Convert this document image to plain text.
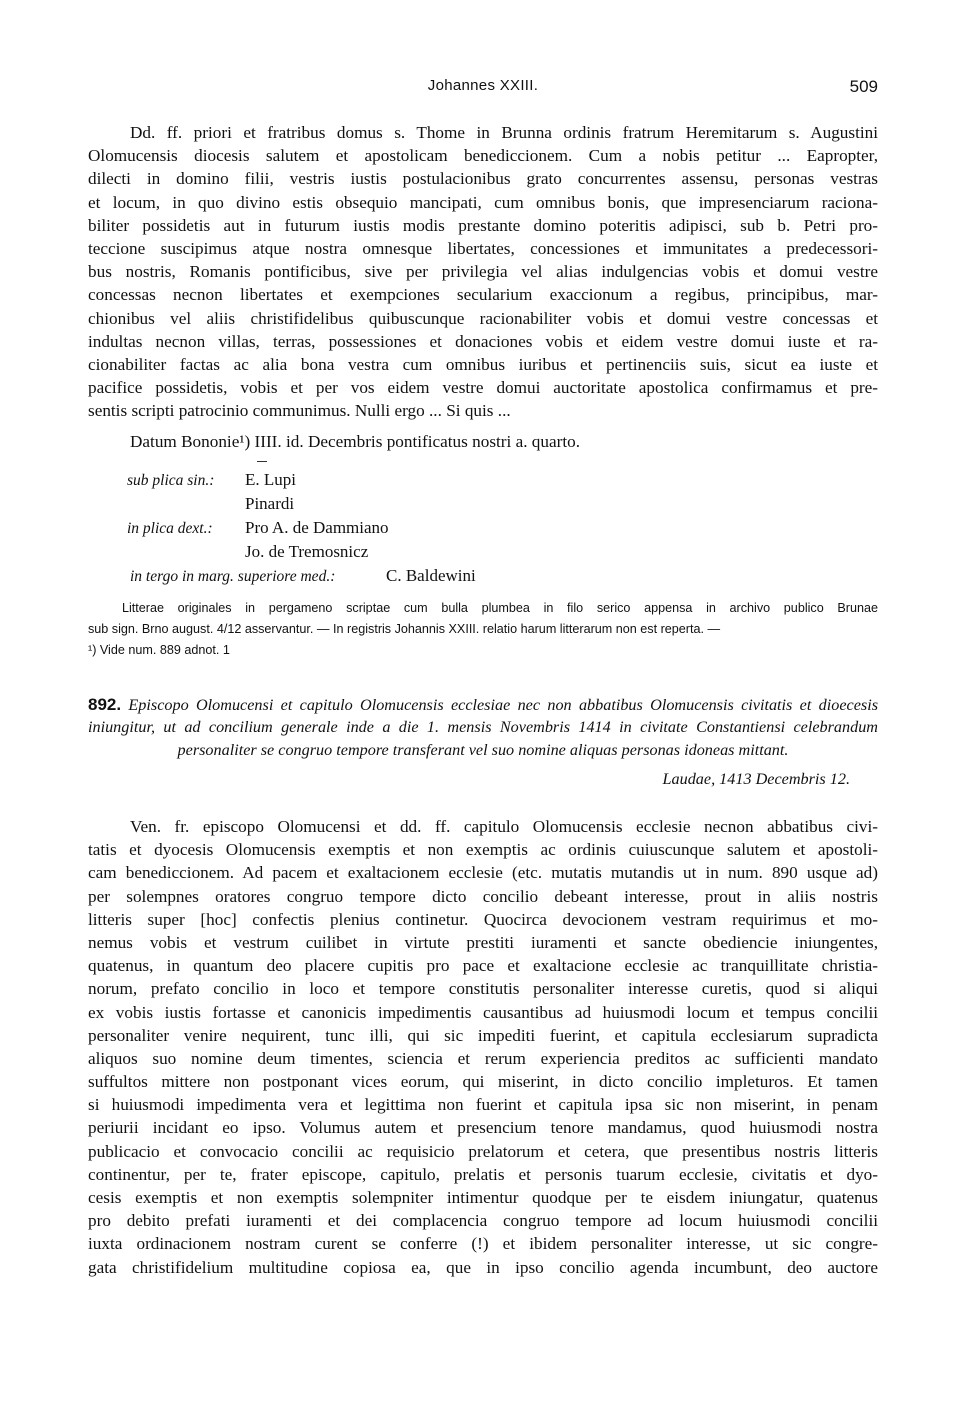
Johannes XXIII.	509
Dd. ff. priori et fratribus domus s. Thome in Brunna ordinis fratrum Heremitarum s. Augustini
Olomucensis diocesis salutem et apostolicam benediccionem. Cum a nobis petitur ... Eapropter,
dilecti in domino filii, vestris iustis postulacionibus grato concurrentes assensu, personas vestras
et locum, in quo divino estis obsequio mancipati, cum omnibus bonis, que impresenciarum raciona-
biliter possidetis aut in futurum iustis modis prestante domino poteritis adipisci, sub b. Petri pro-
teccione suscipimus atque nostra omnesque libertates, concessiones et immunitates a predecessori-
bus nostris, Romanis pontificibus, sive per privilegia vel alias indulgencias vobis et domui vestre
concessas necnon libertates et exempciones secularium exaccionum a regibus, principibus, mar-
chionibus vel aliis christifidelibus quibuscunque racionabiliter vobis et domui vestre concessas et
indultas necnon villas, terras, possessiones et donaciones vobis et eidem vestre domui iuste et ra-
cionabiliter factas ac alia bona vestra cum omnibus iuribus et pertinenciis suis, sicut ea iuste et
pacifice possidetis, vobis et per vos eidem vestre domui auctoritate apostolica confirmamus et pre-
sentis scripti patrocinio communimus. Nulli ergo ... Si quis ...
Datum Bononie¹) IIII. id. Decembris pontificatus nostri a. quarto.
sub plica sin.: E. Lupi
Pinardi
in plica dext.: Pro A. de Dammiano
Jo. de Tremosnicz
in tergo in marg. superiore med.:	C. Baldewini
Litterae originales in pergameno scriptae cum bulla plumbea in filo serico appensa in archivo publico Brunae
sub sign. Brno august. 4/12 asservantur. — In registris Johannis XXIII. relatio harum litterarum non est reperta. —
¹) Vide num. 889 adnot. 1
892. Episcopo Olomucensi et capitulo Olomucensis ecclesiae nec non abbatibus Olomucensis civitatis et dioecesis
iniungitur, ut ad concilium generale inde a die 1. mensis Novembris 1414 in civitate Constantiensi celebrandum
personaliter se congruo tempore transferant vel suo nomine aliquas personas idoneas mittant.
Laudae, 1413 Decembris 12.
Ven. fr. episcopo Olomucensi et dd. ff. capitulo Olomucensis ecclesie necnon abbatibus civi-
tatis et dyocesis Olomucensis exemptis et non exemptis ac ordinis cuiuscunque salutem et apostoli-
cam benediccionem. Ad pacem et exaltacionem ecclesie (etc. mutatis mutandis ut in num. 890 usque ad)
per solempnes oratores congruo tempore dicto concilio debeant interesse, prout in aliis nostris
litteris super [hoc] confectis plenius continetur. Quocirca devocionem vestram requirimus et mo-
nemus vobis et vestrum cuilibet in virtute prestiti iuramenti et sancte obediencie iniungentes,
quatenus, in quantum deo placere cupitis pro pace et exaltacione ecclesie ac tranquillitate christia-
norum, prefato concilio in loco et tempore constitutis personaliter interesse curetis, quod si aliqui
ex vobis iustis fortasse et canonicis impedimentis causantibus ad huiusmodi locum et tempus concilii
personaliter venire nequirent, tunc illi, qui sic impediti fuerint, et capitula ecclesiarum supradicta
aliquos suo nomine deum timentes, sciencia et rerum experiencia preditos ac sufficienti mandato
suffultos mittere non postponant vices eorum, qui miserint, in dicto concilio impleturos. Et tamen
si huiusmodi impedimenta vera et legittima non fuerint et capitula ipsa sic non miserint, in penam
periurii incidant eo ipso. Volumus autem et presencium tenore mandamus, quod huiusmodi nostra
publicacio et convocacio concilii ac requisicio prelatorum et cetera, que presentibus nostris litteris
continentur, per te, frater episcope, capitulo, prelatis et personis tuarum ecclesie, civitatis et dyo-
cesis exemptis et non exemptis solempniter intimentur quodque per te eisdem iniungatur, quatenus
pro debito prefati iuramenti et dei complacencia congruo tempore ad locum huiusmodi concilii
iuxta ordinacionem nostram curent se conferre (!) et ibidem personaliter interesse, ut sic congre-
gata christifidelium multitudine copiosa ea, que in ipso concilio agenda incumbunt, deo auctore
